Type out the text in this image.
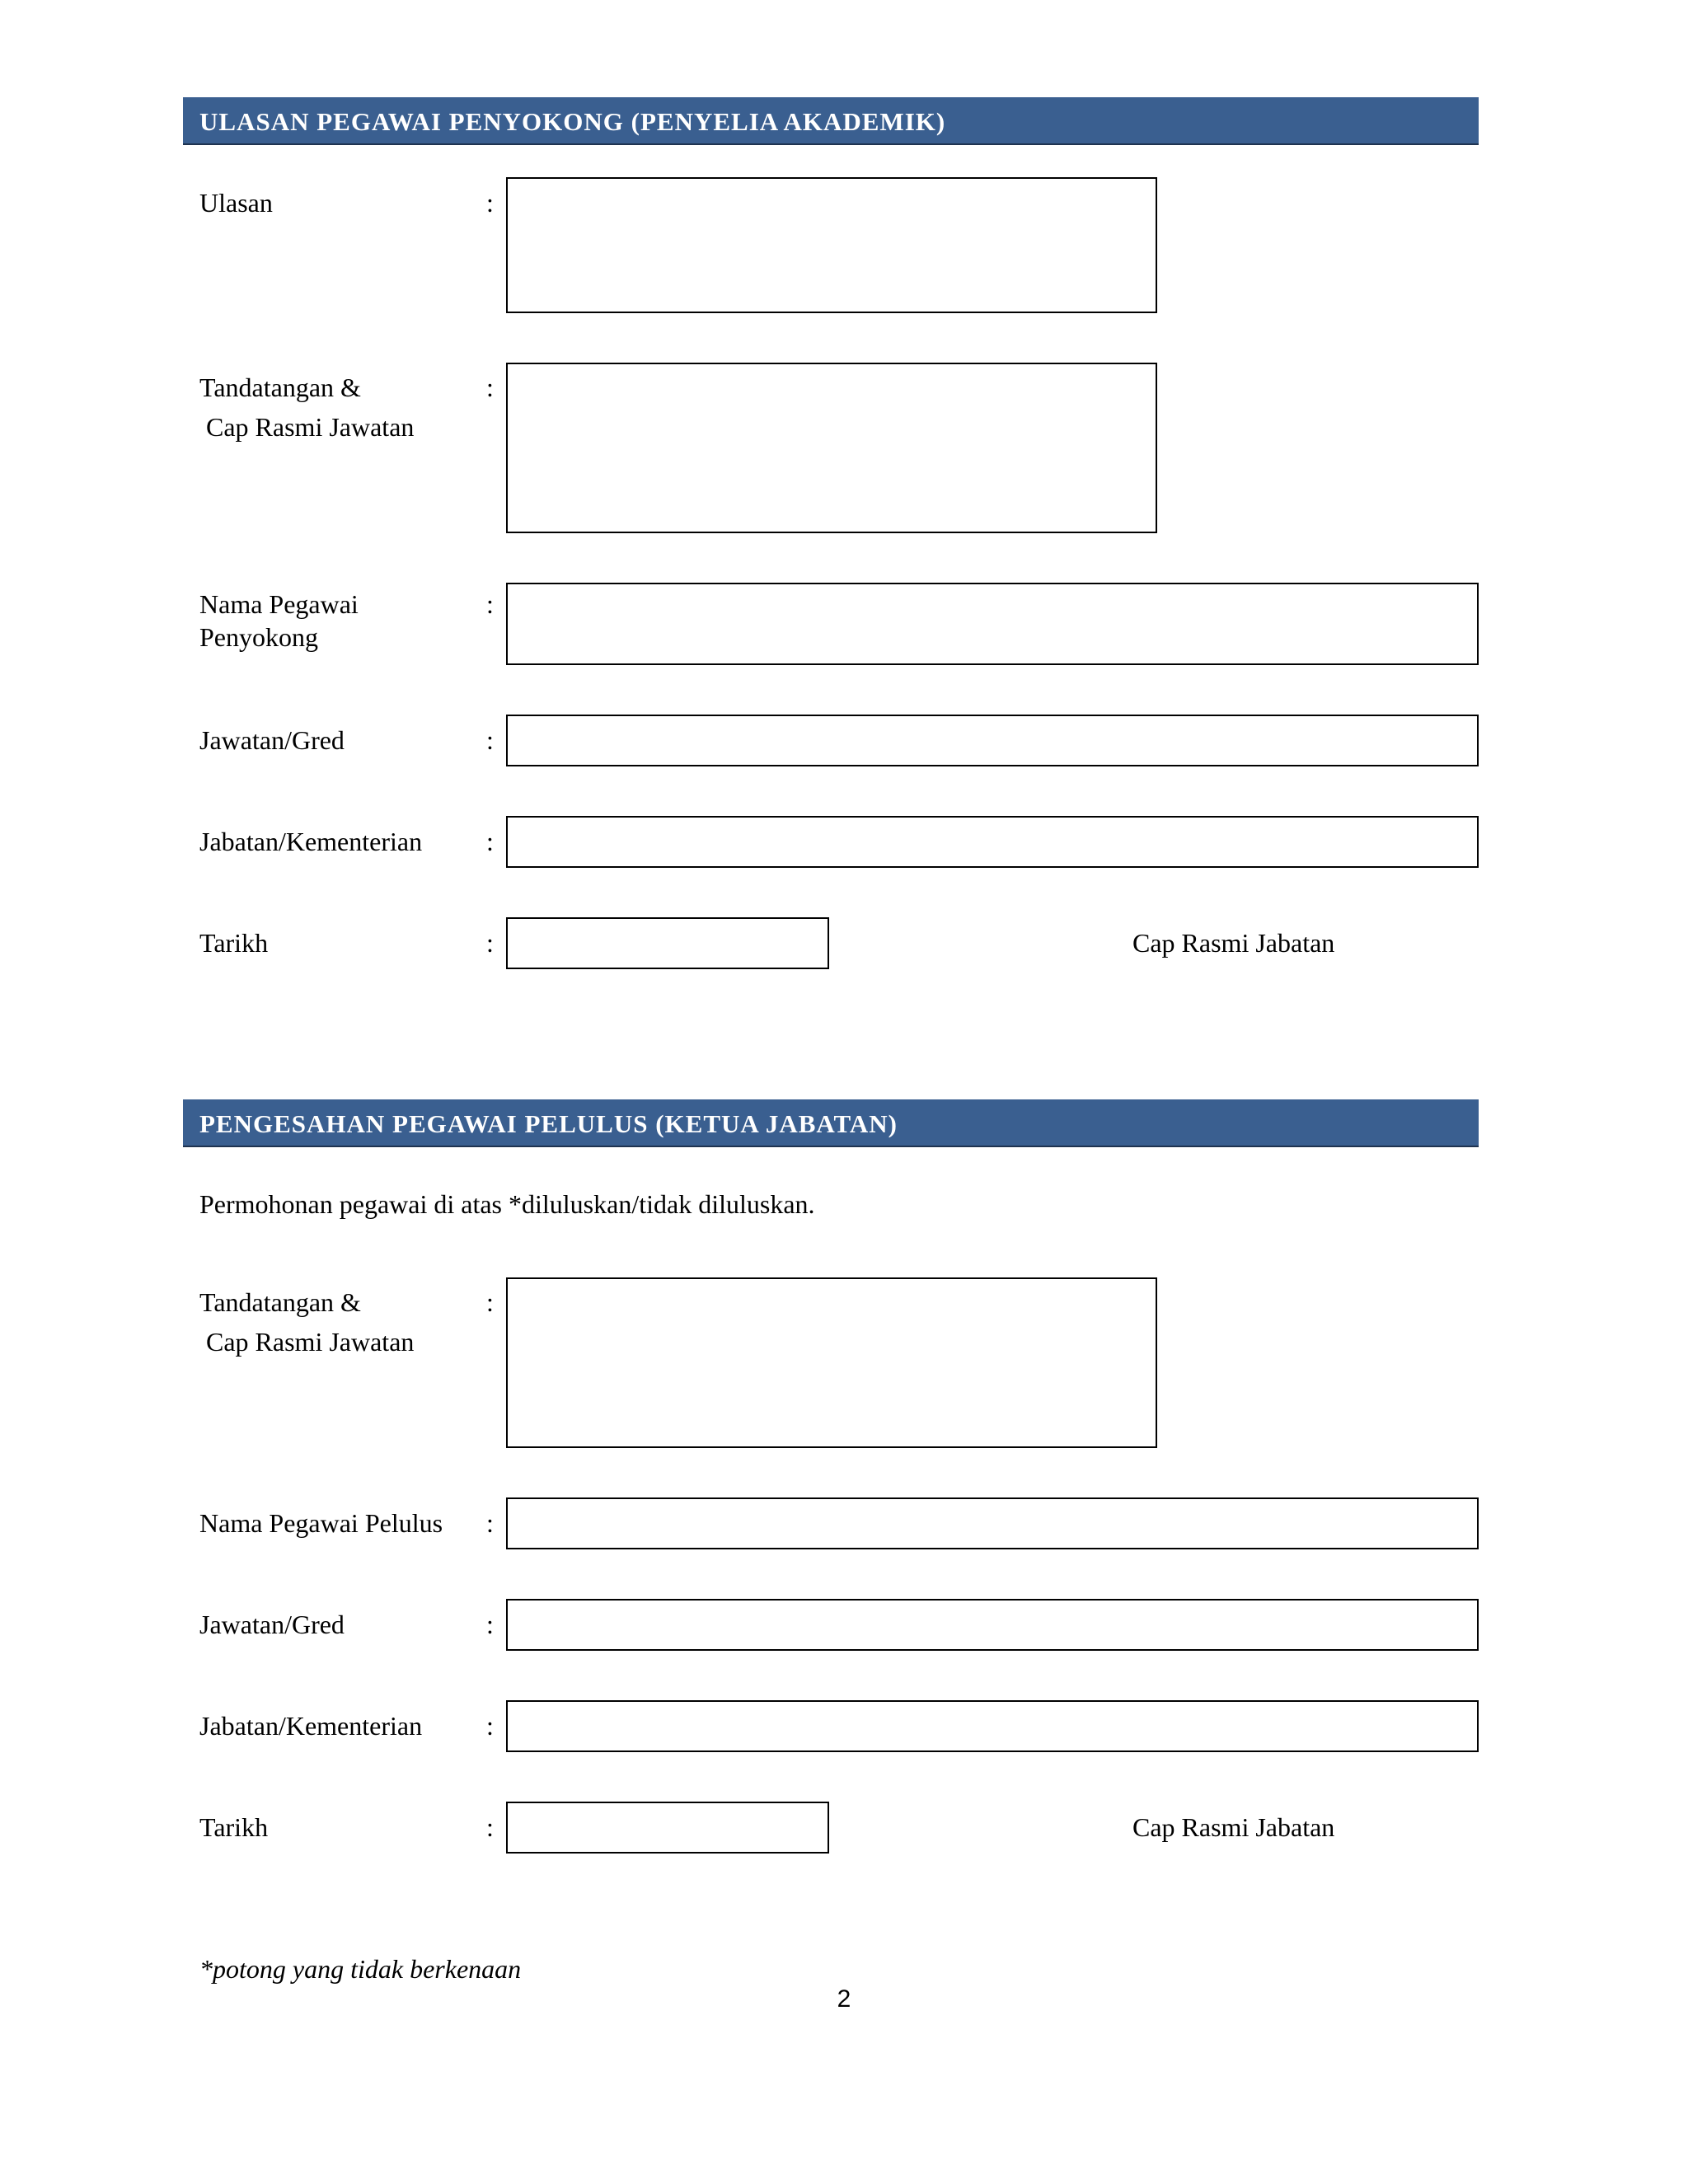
ULASAN PEGAWAI PENYOKONG (PENYELIA AKADEMIK)
Ulasan	:
Tandatangan &
Cap Rasmi Jawatan
:
Nama Pegawai
Penyokong
:
Jawatan/Gred	:
Jabatan/Kementerian :
Tarikh	:	Cap Rasmi Jabatan
PENGESAHAN PEGAWAI PELULUS (KETUA JABATAN)
Permohonan pegawai di atas *diluluskan/tidak diluluskan.
Tandatangan &
Cap Rasmi Jawatan
:
Nama Pegawai Pelulus :
Jawatan/Gred	:
Jabatan/Kementerian :
Tarikh	:	Cap Rasmi Jabatan
*potong yang tidak berkenaan
2
